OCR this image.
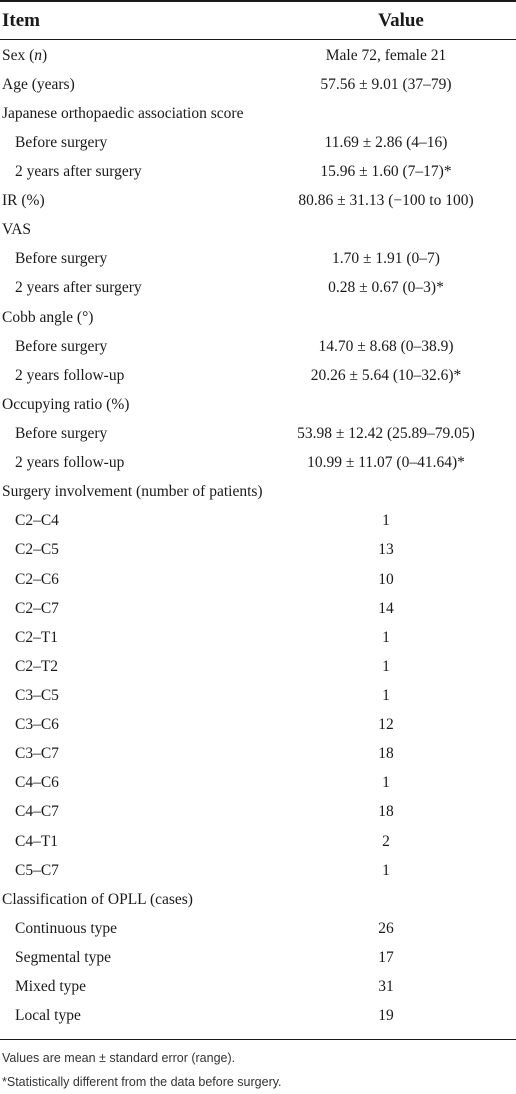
Item	Value
Sex (n)	Male 72, female 21
Age (years)	57.56 ± 9.01 (37–79)
Japanese orthopaedic association score
Before surgery	11.69 ± 2.86 (4–16)
2 years after surgery	15.96 ± 1.60 (7–17)*
IR (%)	80.86 ± 31.13 (−100 to 100)
VAS
Before surgery	1.70 ± 1.91 (0–7)
2 years after surgery	0.28 ± 0.67 (0–3)*
Cobb angle (°)
Before surgery	14.70 ± 8.68 (0–38.9)
2 years follow-up	20.26 ± 5.64 (10–32.6)*
Occupying ratio (%)
Before surgery	53.98 ± 12.42 (25.89–79.05)
2 years follow-up	10.99 ± 11.07 (0–41.64)*
Surgery involvement (number of patients)
C2–C4	1
C2–C5	13
C2–C6	10
C2–C7	14
C2–T1	1
C2–T2	1
C3–C5	1
C3–C6	12
C3–C7	18
C4–C6	1
C4–C7	18
C4–T1	2
C5–C7	1
Classification of OPLL (cases)
Continuous type	26
Segmental type	17
Mixed type	31
Local type	19
Values are mean ± standard error (range).
*Statistically different from the data before surgery.
